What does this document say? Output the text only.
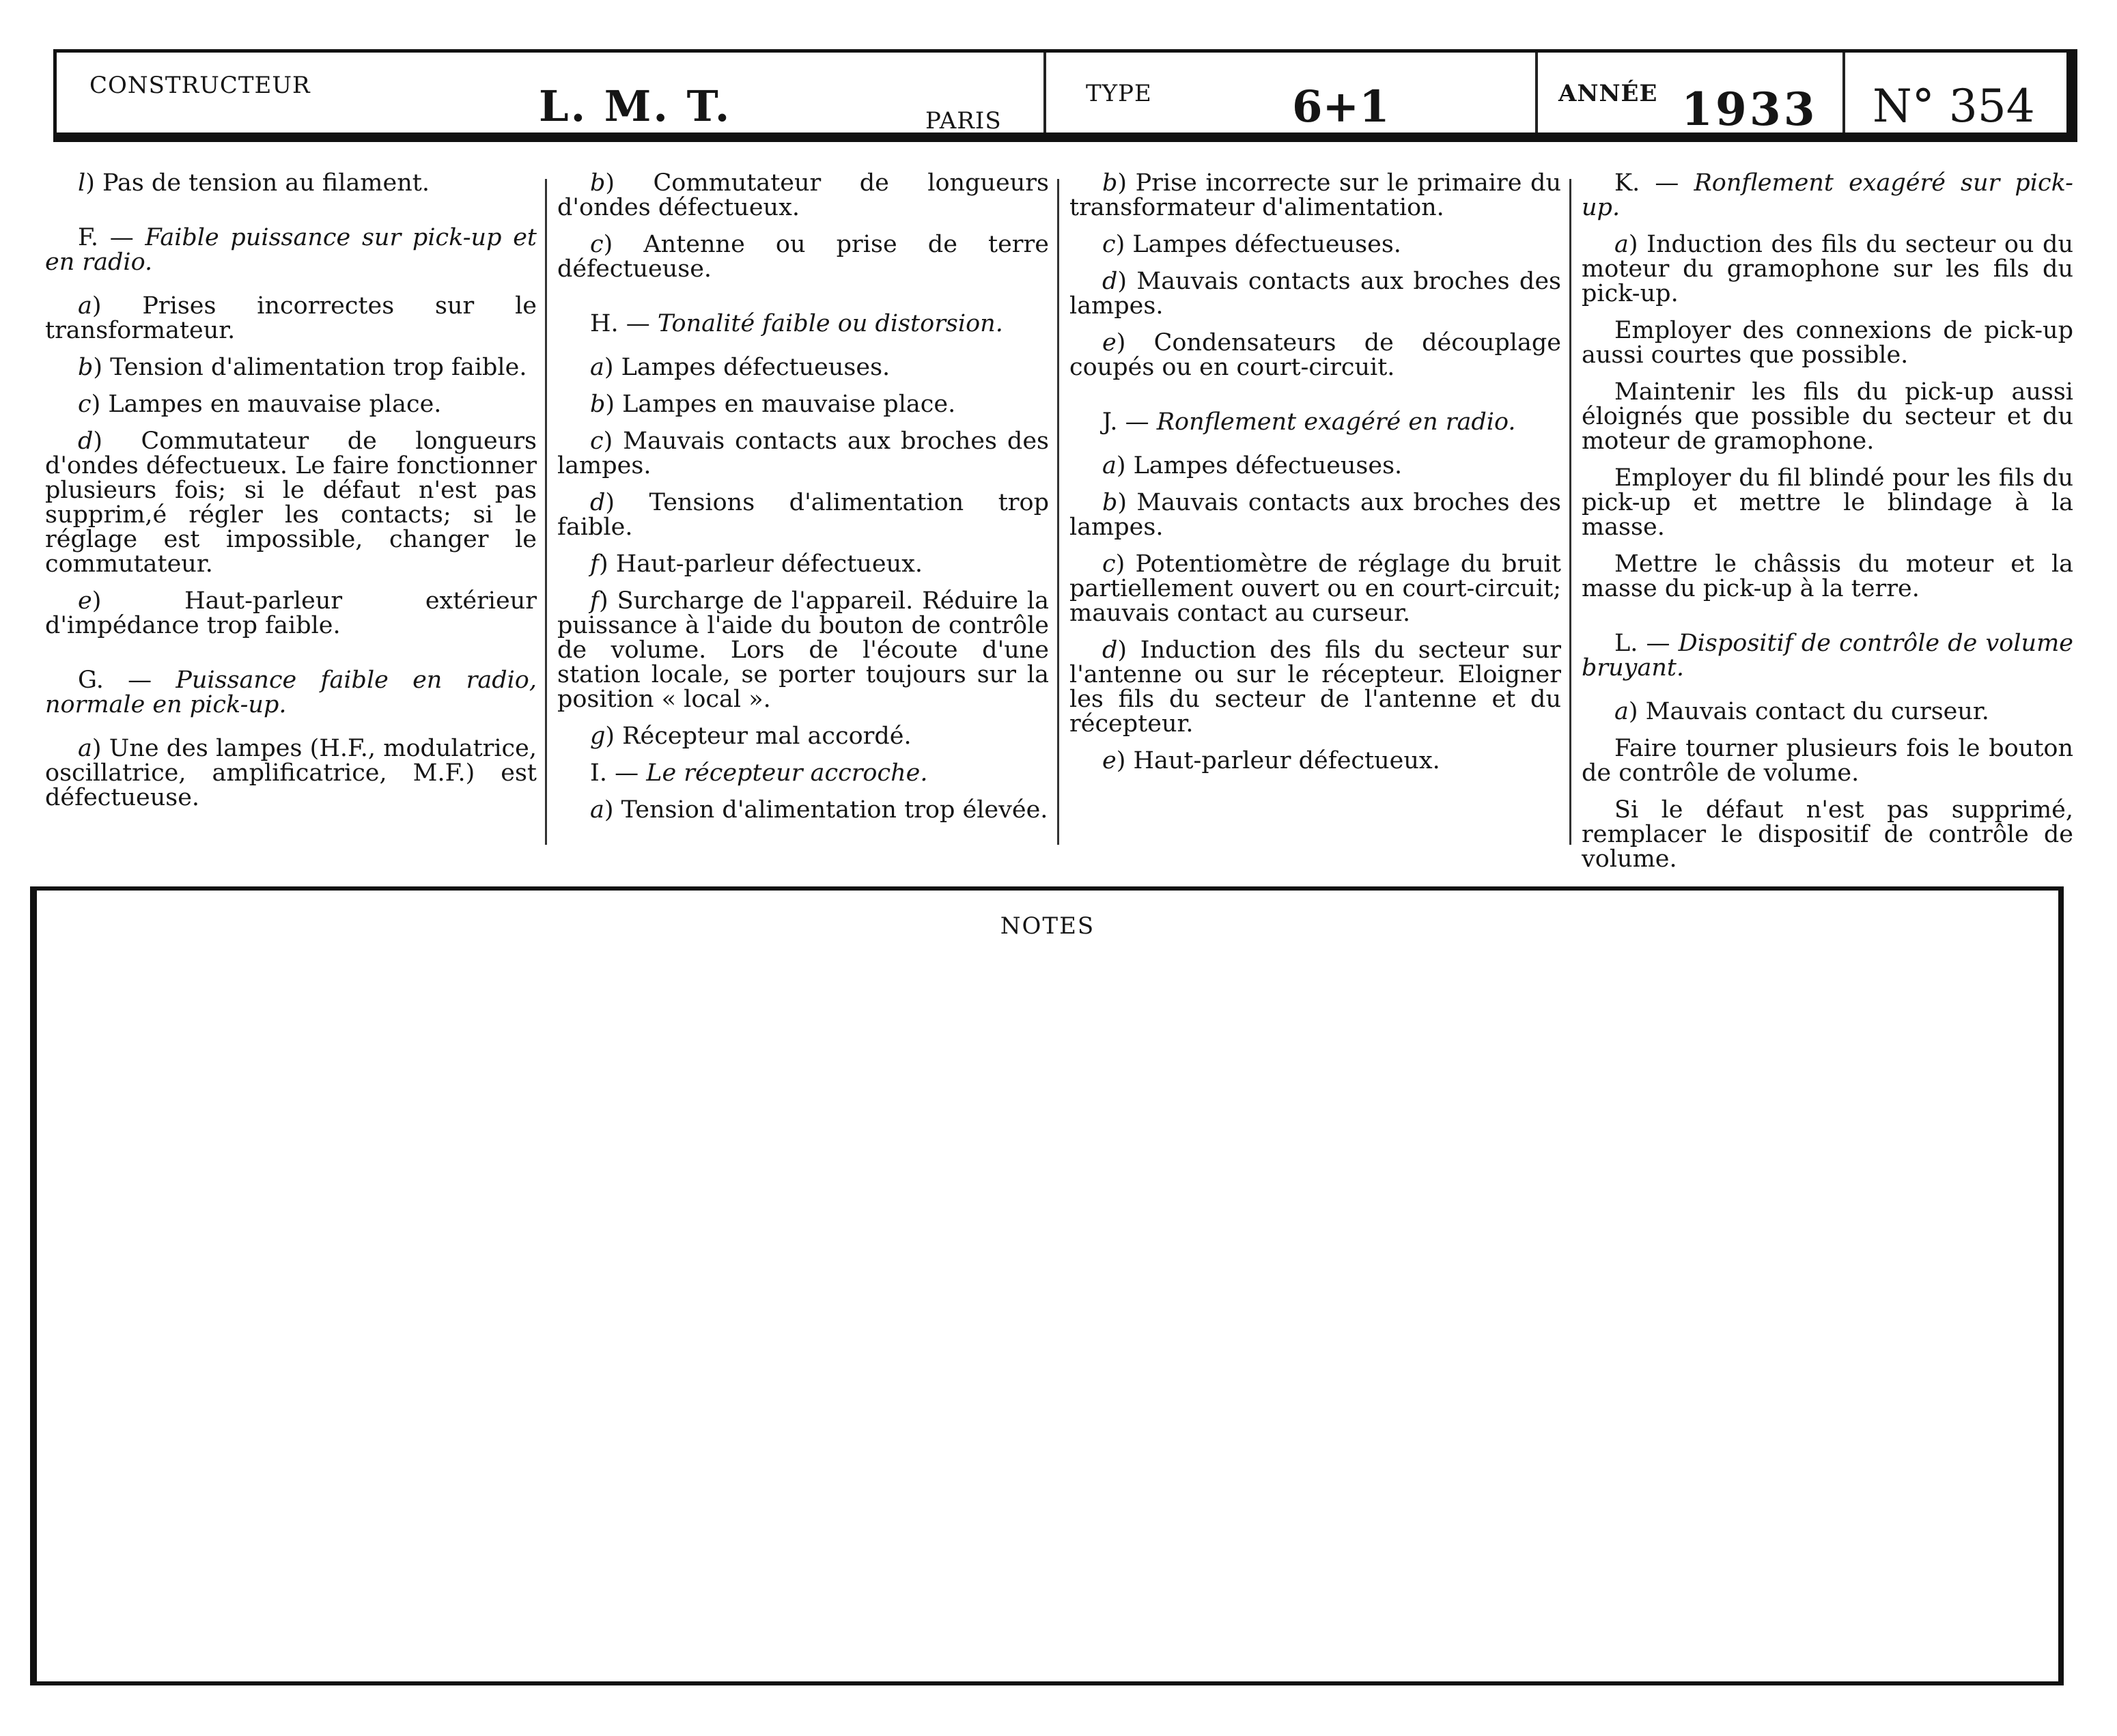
CONSTRUCTEUR	L. M. T.	PARIS
TYPE	6+1	ANNÉE 1933 N° 354

l) Pas de tension au filament.

F. — Faible puissance sur pick-up et en radio.

a) Prises incorrectes sur le transformateur.

b) Tension d'alimentation trop faible.

c) Lampes en mauvaise place.

d) Commutateur de longueurs d'ondes défectueux. Le faire fonctionner plusieurs fois; si le défaut n'est pas supprim,é régler les contacts; si le réglage est impossible, changer le commutateur.

e) Haut-parleur extérieur d'impédance trop faible.

G. — Puissance faible en radio, normale en pick-up.

a) Une des lampes (H.F., modulatrice, oscillatrice, amplificatrice, M.F.) est défectueuse.

b) Commutateur de longueurs d'ondes défectueux.

c) Antenne ou prise de terre défectueuse.

H. — Tonalité faible ou distorsion.

a) Lampes défectueuses.

b) Lampes en mauvaise place.

c) Mauvais contacts aux broches des lampes.

d) Tensions d'alimentation trop faible.

f) Haut-parleur défectueux.

f) Surcharge de l'appareil. Réduire la puissance à l'aide du bouton de contrôle de volume. Lors de l'écoute d'une station locale, se porter toujours sur la position « local ».

g) Récepteur mal accordé.

I. — Le récepteur accroche.

a) Tension d'alimentation trop élevée.

b) Prise incorrecte sur le primaire du transformateur d'alimentation.

c) Lampes défectueuses.

d) Mauvais contacts aux broches des lampes.

e) Condensateurs de découplage coupés ou en court-circuit.

J. — Ronflement exagéré en radio.

a) Lampes défectueuses.

b) Mauvais contacts aux broches des lampes.

c) Potentiomètre de réglage du bruit partiellement ouvert ou en court-circuit; mauvais contact au curseur.

d) Induction des fils du secteur sur l'antenne ou sur le récepteur. Eloigner les fils du secteur de l'antenne et du récepteur.

e) Haut-parleur défectueux.

K. — Ronflement exagéré sur pick-up.

a) Induction des fils du secteur ou du moteur du gramophone sur les fils du pick-up.

Employer des connexions de pick-up aussi courtes que possible.

Maintenir les fils du pick-up aussi éloignés que possible du secteur et du moteur de gramophone.

Employer du fil blindé pour les fils du pick-up et mettre le blindage à la masse.

Mettre le châssis du moteur et la masse du pick-up à la terre.

L. — Dispositif de contrôle de volume bruyant.

a) Mauvais contact du curseur.

Faire tourner plusieurs fois le bouton de contrôle de volume.

Si le défaut n'est pas supprimé, remplacer le dispositif de contrôle de volume.

NOTES
